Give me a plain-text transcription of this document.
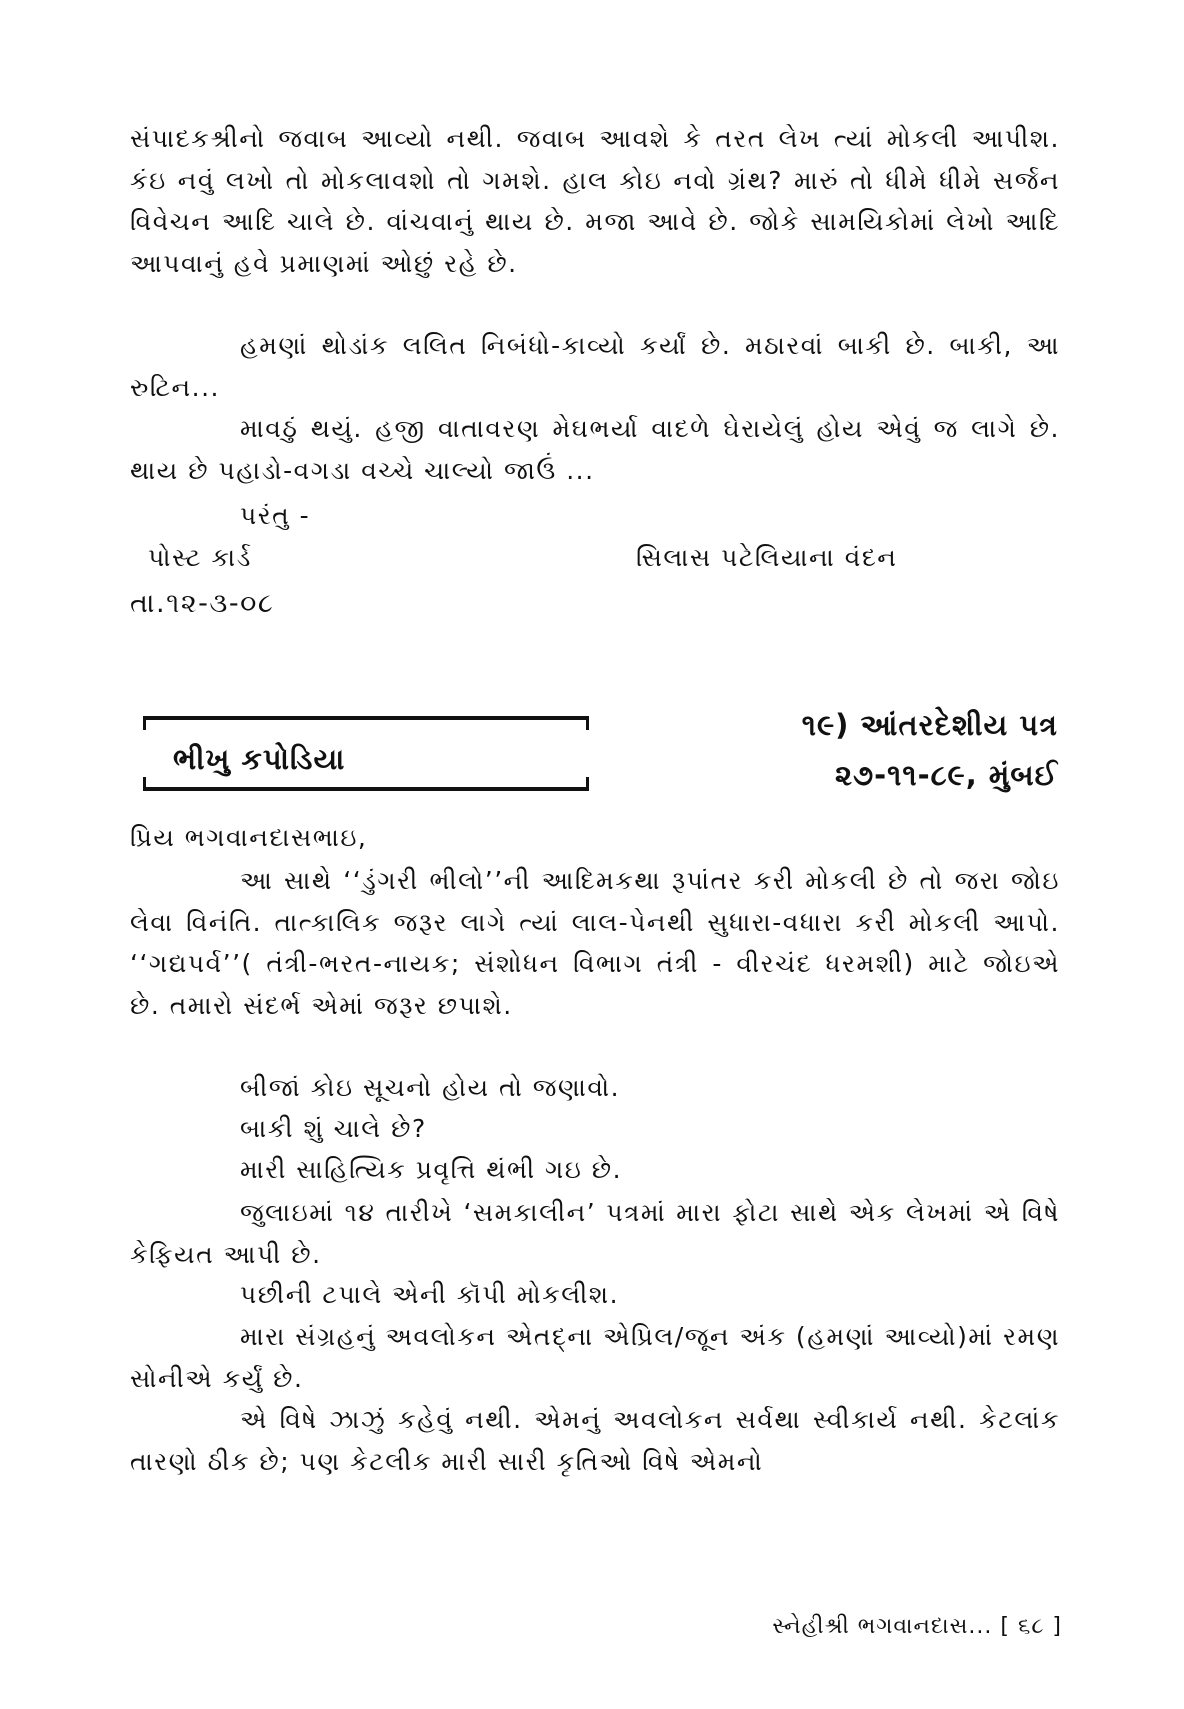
સંપાદકશ્રીનો જવાબ આવ્યો નથી. જવાબ આવશે કે તરત લેખ ત્યાં મોકલી આપીશ. કંઇ નવું લખો તો મોકલાવશો તો ગમશે. હાલ કોઇ નવો ગ્રંથ? મારું તો ધીમે ધીમે સર્જન વિવેચન આદિ ચાલે છે. વાંચવાનું થાય છે. મજા આવે છે. જોકે સામયિકોમાં લેખો આદિ આપવાનું હવે પ્રમાણમાં ઓછું રહે છે.

હમણાં થોડાંક લલિત નિબંધો-કાવ્યો કર્યાં છે. મઠારવાં બાકી છે. બાકી, આ રુટિન...

માવઠું થયું. હજી વાતાવરણ મેઘભર્યા વાદળે ઘેરાયેલું હોય એવું જ લાગે છે. થાય છે પહાડો-વગડા વચ્ચે ચાલ્યો જાઉં ...

પરંતુ -

પોસ્ટ કાર્ડ	સિલાસ પટેલિયાના વંદન

તા.૧૨-૩-૦૮

ભીખુ કપોડિયા
૧૯) આંતરદેશીય પત્ર
૨૭-૧૧-૮૯, મુંબઈ

પ્રિય ભગવાનદાસભાઇ,

આ સાથે ‘‘ડુંગરી ભીલો’’ની આદિમકથા રૂપાંતર કરી મોકલી છે તો જરા જોઇ લેવા વિનંતિ. તાત્કાલિક જરૂર લાગે ત્યાં લાલ-પેનથી સુધારા-વધારા કરી મોકલી આપો. ‘‘ગદ્યપર્વ’’( તંત્રી-ભરત-નાયક; સંશોધન વિભાગ તંત્રી - વીરચંદ ધરમશી) માટે જોઇએ છે. તમારો સંદર્ભ એમાં જરૂર છપાશે.

બીજાં કોઇ સૂચનો હોય તો જણાવો.

બાકી શું ચાલે છે?

મારી સાહિત્યિક પ્રવૃત્તિ થંભી ગઇ છે.

જુલાઇમાં ૧૪ તારીખે ‘સમકાલીન’ પત્રમાં મારા ફોટા સાથે એક લેખમાં એ વિષે કેફિયત આપી છે.

પછીની ટપાલે એની કૉપી મોકલીશ.

મારા સંગ્રહનું અવલોકન એતદ્‌ના એપ્રિલ/જૂન અંક (હમણાં આવ્યો)માં રમણ સોનીએ કર્યું છે.

એ વિષે ઝાઝું કહેવું નથી. એમનું અવલોકન સર્વથા સ્વીકાર્ય નથી. કેટલાંક તારણો ઠીક છે; પણ કેટલીક મારી સારી કૃતિઓ વિષે એમનો

સ્નેહીશ્રી ભગવાનદાસ... [ ૬૮ ]
